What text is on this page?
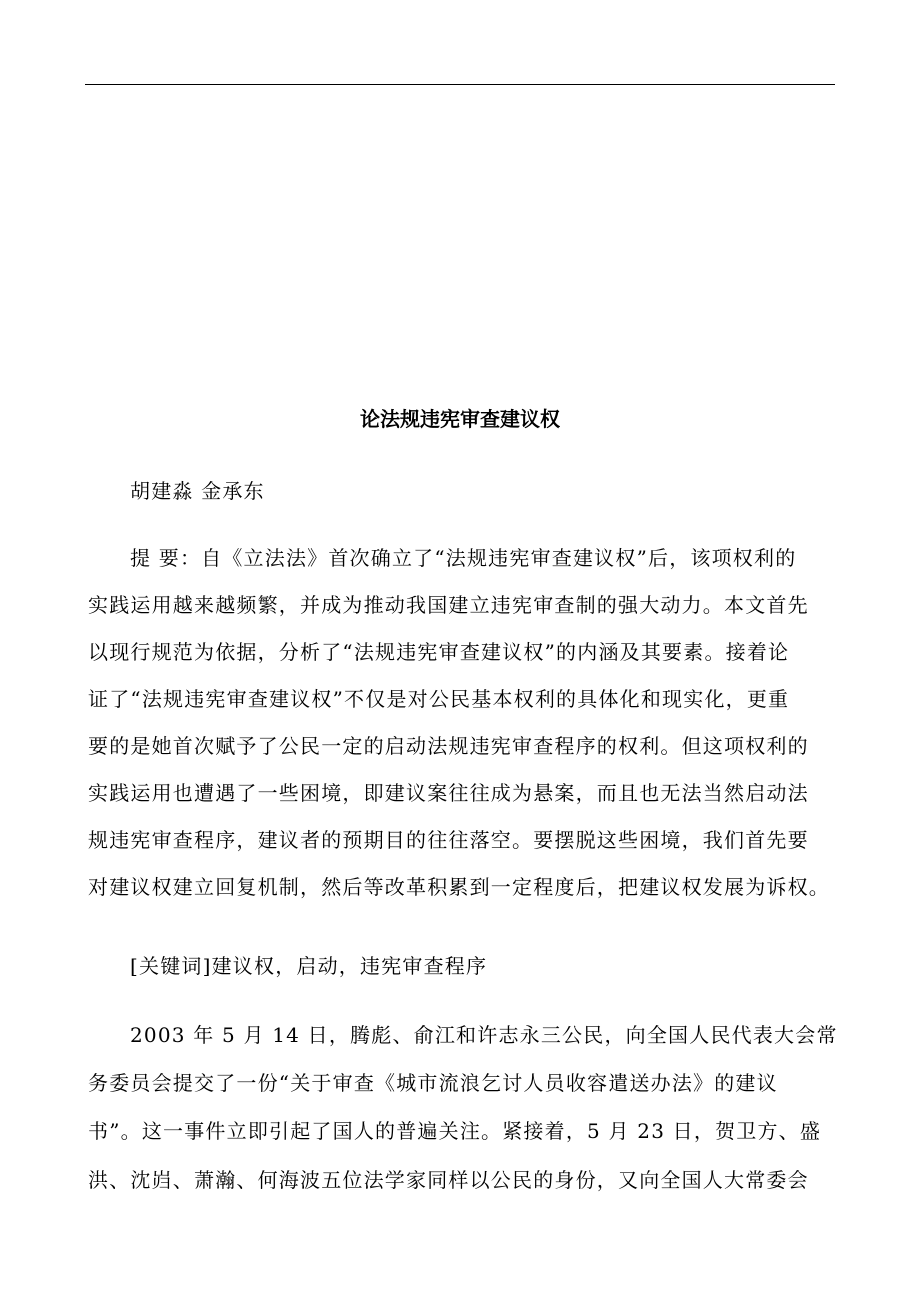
论法规违宪审查建议权
胡建淼 金承东
提 要：自《立法法》首次确立了“法规违宪审查建议权”后，该项权利的
实践运用越来越频繁，并成为推动我国建立违宪审查制的强大动力。本文首先
以现行规范为依据，分析了“法规违宪审查建议权”的内涵及其要素。接着论
证了“法规违宪审查建议权”不仅是对公民基本权利的具体化和现实化，更重
要的是她首次赋予了公民一定的启动法规违宪审查程序的权利。但这项权利的
实践运用也遭遇了一些困境，即建议案往往成为悬案，而且也无法当然启动法
规违宪审查程序，建议者的预期目的往往落空。要摆脱这些困境，我们首先要
对建议权建立回复机制，然后等改革积累到一定程度后，把建议权发展为诉权。
[关键词]建议权，启动，违宪审查程序
2003 年 5 月 14 日，腾彪、俞江和许志永三公民，向全国人民代表大会常
务委员会提交了一份“关于审查《城市流浪乞讨人员收容遣送办法》的建议
书”。这一事件立即引起了国人的普遍关注。紧接着，5 月 23 日，贺卫方、盛
洪、沈岿、萧瀚、何海波五位法学家同样以公民的身份，又向全国人大常委会
